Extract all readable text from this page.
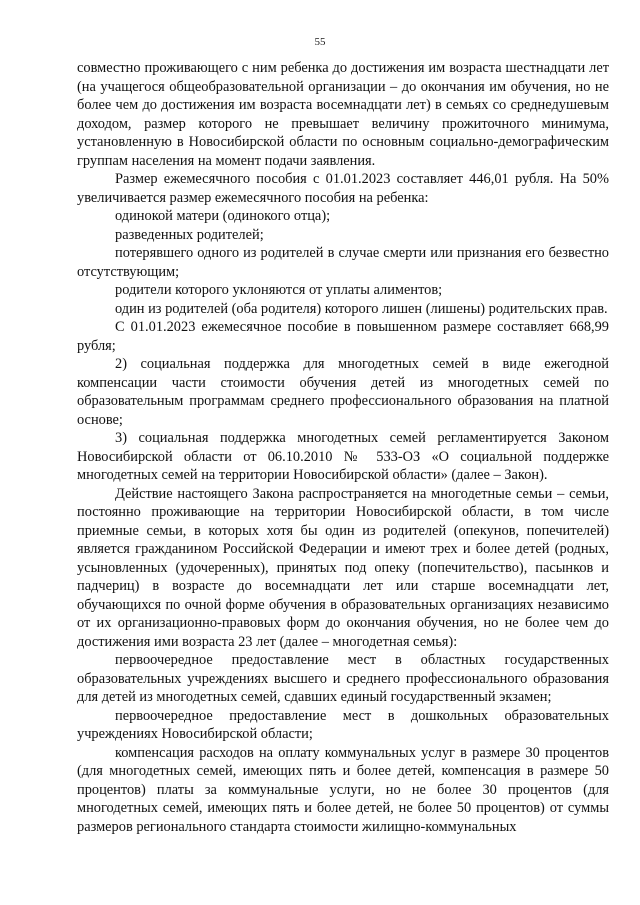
55

совместно проживающего с ним ребенка до достижения им возраста шестнадцати лет (на учащегося общеобразовательной организации – до окончания им обучения, но не более чем до достижения им возраста восемнадцати лет) в семьях со среднедушевым доходом, размер которого не превышает величину прожиточного минимума, установленную в Новосибирской области по основным социально-демографическим группам населения на момент подачи заявления.

Размер ежемесячного пособия с 01.01.2023 составляет 446,01 рубля. На 50% увеличивается размер ежемесячного пособия на ребенка:

одинокой матери (одинокого отца);

разведенных родителей;

потерявшего одного из родителей в случае смерти или признания его безвестно отсутствующим;

родители которого уклоняются от уплаты алиментов;

один из родителей (оба родителя) которого лишен (лишены) родительских прав.

С 01.01.2023 ежемесячное пособие в повышенном размере составляет 668,99 рубля;

2) социальная поддержка для многодетных семей в виде ежегодной компенсации части стоимости обучения детей из многодетных семей по образовательным программам среднего профессионального образования на платной основе;

3) социальная поддержка многодетных семей регламентируется Законом Новосибирской области от 06.10.2010 № 533-ОЗ «О социальной поддержке многодетных семей на территории Новосибирской области» (далее – Закон).

Действие настоящего Закона распространяется на многодетные семьи – семьи, постоянно проживающие на территории Новосибирской области, в том числе приемные семьи, в которых хотя бы один из родителей (опекунов, попечителей) является гражданином Российской Федерации и имеют трех и более детей (родных, усыновленных (удочеренных), принятых под опеку (попечительство), пасынков и падчериц) в возрасте до восемнадцати лет или старше восемнадцати лет, обучающихся по очной форме обучения в образовательных организациях независимо от их организационно-правовых форм до окончания обучения, но не более чем до достижения ими возраста 23 лет (далее – многодетная семья):

первоочередное предоставление мест в областных государственных образовательных учреждениях высшего и среднего профессионального образования для детей из многодетных семей, сдавших единый государственный экзамен;

первоочередное предоставление мест в дошкольных образовательных учреждениях Новосибирской области;

компенсация расходов на оплату коммунальных услуг в размере 30 процентов (для многодетных семей, имеющих пять и более детей, компенсация в размере 50 процентов) платы за коммунальные услуги, но не более 30 процентов (для многодетных семей, имеющих пять и более детей, не более 50 процентов) от суммы размеров регионального стандарта стоимости жилищно-коммунальных
